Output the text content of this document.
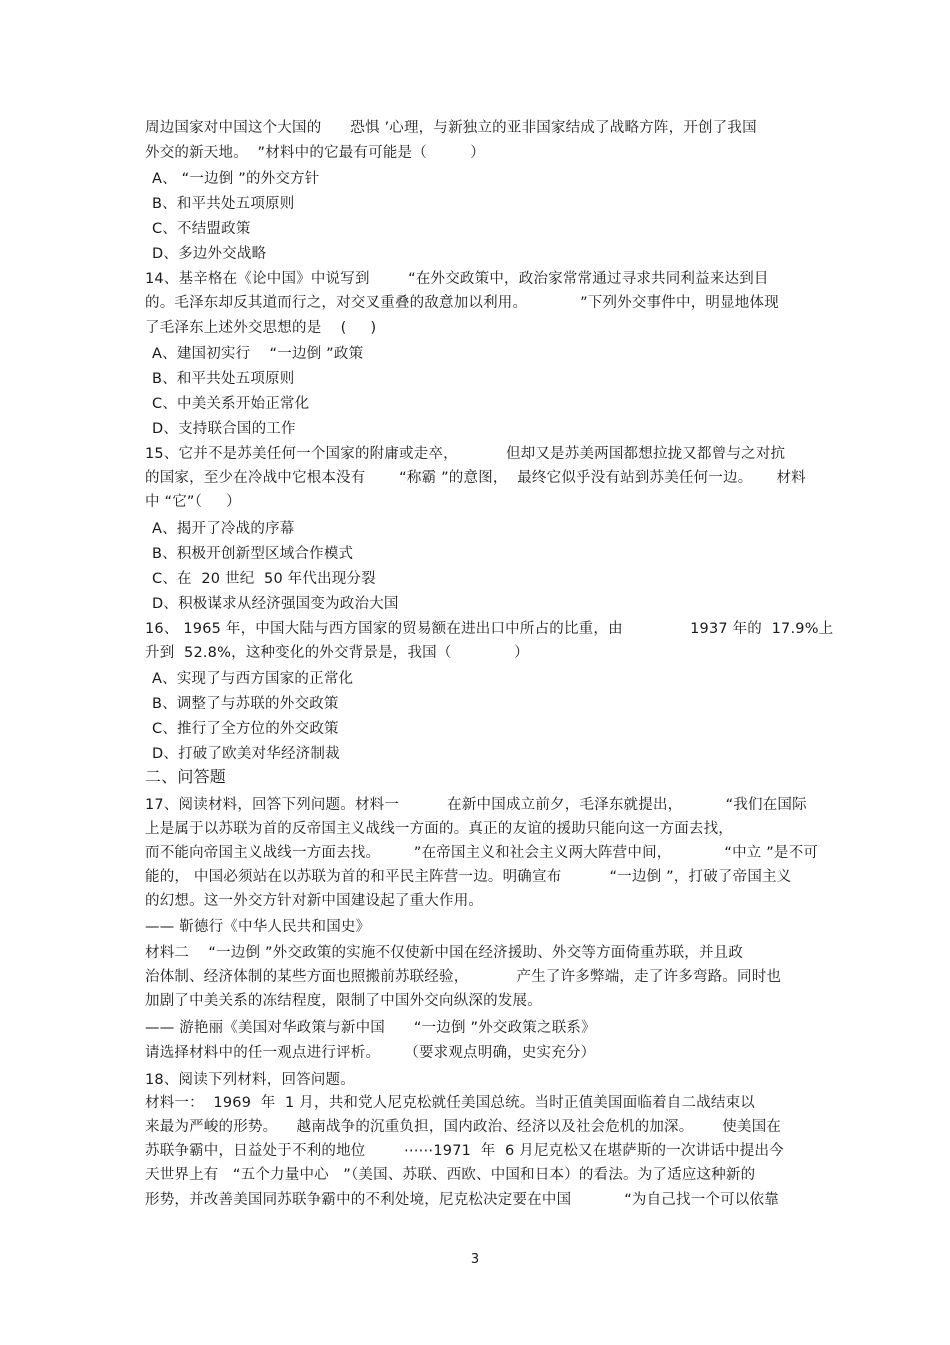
周边国家对中国这个大国的      恐惧 ’心理，与新独立的亚非国家结成了战略方阵，开创了我国
外交的新天地。  ”材料中的它最有可能是（         ）
A、 “一边倒 ”的外交方针
B、和平共处五项原则
C、不结盟政策
D、多边外交战略
14、基辛格在《论中国》中说写到        “在外交政策中，政治家常常通过寻求共同利益来达到目
的。毛泽东却反其道而行之，对交叉重叠的敌意加以利用。           ”下列外交事件中，明显地体现
了毛泽东上述外交思想的是    (     )
A、建国初实行    “一边倒 ”政策
B、和平共处五项原则
C、中美关系开始正常化
D、支持联合国的工作
15、它并不是苏美任何一个国家的附庸或走卒，          但却又是苏美两国都想拉拢又都曾与之对抗
的国家，至少在冷战中它根本没有       “称霸 ”的意图，  最终它似乎没有站到苏美任何一边。     材料
中 “它”（     ）
A、揭开了冷战的序幕
B、积极开创新型区域合作模式
C、在  20 世纪  50 年代出现分裂
D、积极谋求从经济强国变为政治大国
16、 1965 年，中国大陆与西方国家的贸易额在进出口中所占的比重，由              1937 年的  17.9%上
升到  52.8%，这种变化的外交背景是，我国（             ）
A、实现了与西方国家的正常化
B、调整了与苏联的外交政策
C、推行了全方位的外交政策
D、打破了欧美对华经济制裁
二、问答题
17、阅读材料，回答下列问题。材料一          在新中国成立前夕，毛泽东就提出，         “我们在国际
上是属于以苏联为首的反帝国主义战线一方面的。真正的友谊的援助只能向这一方面去找，
而不能向帝国主义战线一方面去找。       ”在帝国主义和社会主义两大阵营中间，           “中立 ”是不可
能的， 中国必须站在以苏联为首的和平民主阵营一边。明确宣布          “一边倒 ”，打破了帝国主义
的幻想。这一外交方针对新中国建设起了重大作用。
—— 靳德行《中华人民共和国史》
材料二    “一边倒 ”外交政策的实施不仅使新中国在经济援助、外交等方面倚重苏联，并且政
治体制、经济体制的某些方面也照搬前苏联经验，          产生了许多弊端，走了许多弯路。同时也
加剧了中美关系的冻结程度，限制了中国外交向纵深的发展。
—— 游艳丽《美国对华政策与新中国      “一边倒 ”外交政策之联系》
请选择材料中的任一观点进行评析。     （要求观点明确，史实充分）
18、阅读下列材料，回答问题。
材料一：  1969  年  1 月，共和党人尼克松就任美国总统。当时正值美国面临着自二战结束以
来最为严峻的形势。    越南战争的沉重负担，国内政治、经济以及社会危机的加深。      使美国在
苏联争霸中，日益处于不利的地位        ⋯⋯1971  年  6 月尼克松又在堪萨斯的一次讲话中提出今
天世界上有   “五个力量中心   ”（美国、苏联、西欧、中国和日本）的看法。为了适应这种新的
形势，并改善美国同苏联争霸中的不利处境，尼克松决定要在中国           “为自己找一个可以依靠
3
